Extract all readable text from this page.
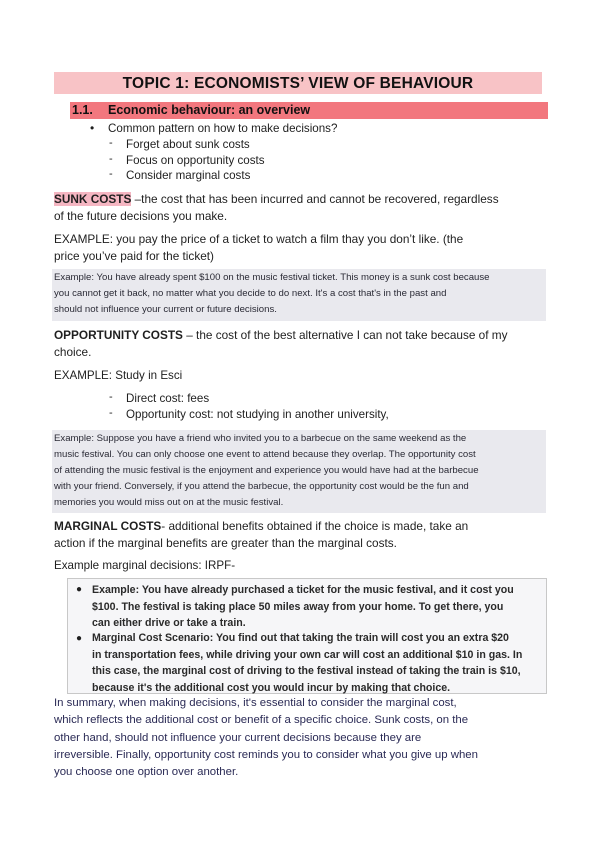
TOPIC 1: ECONOMISTS’ VIEW OF BEHAVIOUR
1.1. Economic behaviour: an overview
• Common pattern on how to make decisions?
- Forget about sunk costs
- Focus on opportunity costs
- Consider marginal costs
SUNK COSTS –the cost that has been incurred and cannot be recovered, regardless
of the future decisions you make.
EXAMPLE: you pay the price of a ticket to watch a film thay you don’t like. (the
price you’ve paid for the ticket)
Example: You have already spent $100 on the music festival ticket. This money is a sunk cost because
you cannot get it back, no matter what you decide to do next. It's a cost that's in the past and
should not influence your current or future decisions.
OPPORTUNITY COSTS – the cost of the best alternative I can not take because of my
choice.
EXAMPLE: Study in Esci
- Direct cost: fees
- Opportunity cost: not studying in another university,
Example: Suppose you have a friend who invited you to a barbecue on the same weekend as the
music festival. You can only choose one event to attend because they overlap. The opportunity cost
of attending the music festival is the enjoyment and experience you would have had at the barbecue
with your friend. Conversely, if you attend the barbecue, the opportunity cost would be the fun and
memories you would miss out on at the music festival.
MARGINAL COSTS- additional benefits obtained if the choice is made, take an
action if the marginal benefits are greater than the marginal costs.
Example marginal decisions: IRPF-
● Example: You have already purchased a ticket for the music festival, and it cost you
$100. The festival is taking place 50 miles away from your home. To get there, you
can either drive or take a train.
● Marginal Cost Scenario: You find out that taking the train will cost you an extra $20
in transportation fees, while driving your own car will cost an additional $10 in gas. In
this case, the marginal cost of driving to the festival instead of taking the train is $10,
because it's the additional cost you would incur by making that choice.
In summary, when making decisions, it's essential to consider the marginal cost,
which reflects the additional cost or benefit of a specific choice. Sunk costs, on the
other hand, should not influence your current decisions because they are
irreversible. Finally, opportunity cost reminds you to consider what you give up when
you choose one option over another.
